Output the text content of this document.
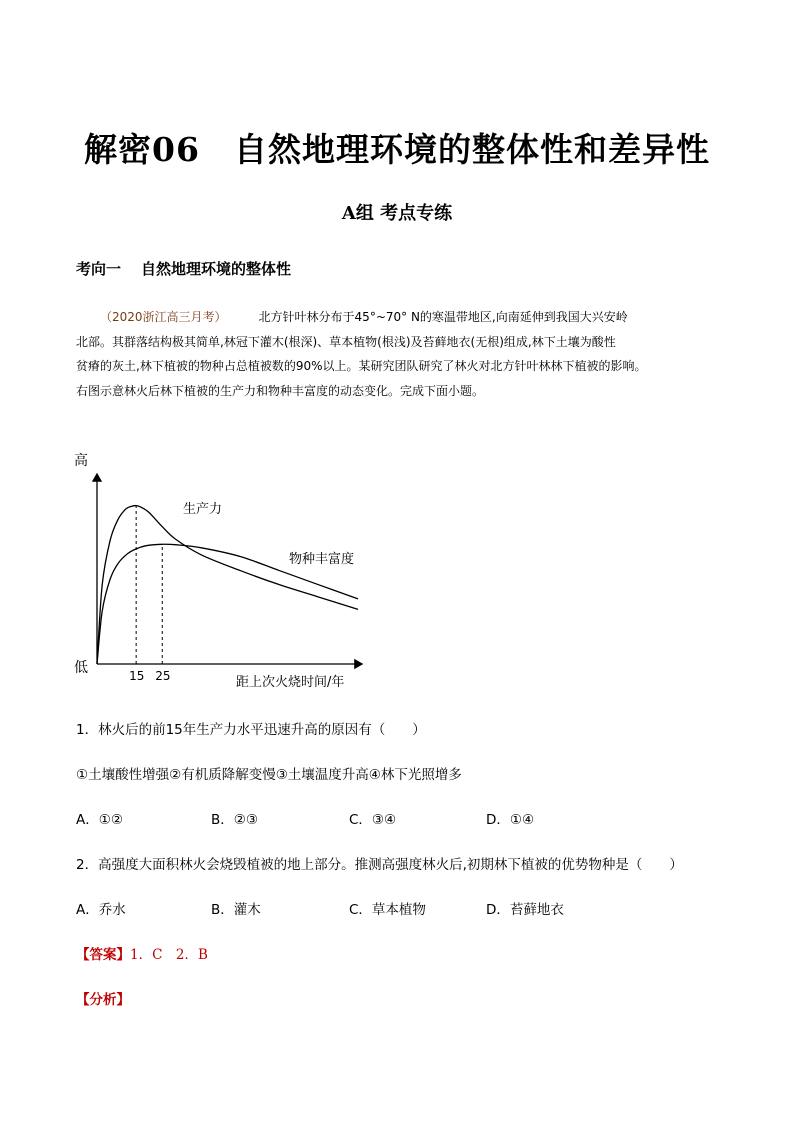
解密06　自然地理环境的整体性和差异性
A组 考点专练
考向一 自然地理环境的整体性
（2020浙江高三月考）	北方针叶林分布于45°~70° N的寒温带地区,向南延伸到我国大兴安岭
北部。其群落结构极其简单,林冠下灌木(根深)、草本植物(根浅)及苔藓地衣(无根)组成,林下土壤为酸性
贫瘠的灰土,林下植被的物种占总植被数的90%以上。某研究团队研究了林火对北方针叶林林下植被的影响。
右图示意林火后林下植被的生产力和物种丰富度的动态变化。完成下面小题。
高
低
距上次火烧时间/年
15 25
生产力
物种丰富度
1．林火后的前15年生产力水平迅速升高的原因有（　　）
①土壤酸性增强②有机质降解变慢③土壤温度升高④林下光照增多
A．①②	B．②③	C．③④	D．①④
2．高强度大面积林火会烧毁植被的地上部分。推测高强度林火后,初期林下植被的优势物种是（　　）
A．乔水	B．灌木	C．草本植物	D．苔藓地衣
【答案】1．C　2．B
【分析】
